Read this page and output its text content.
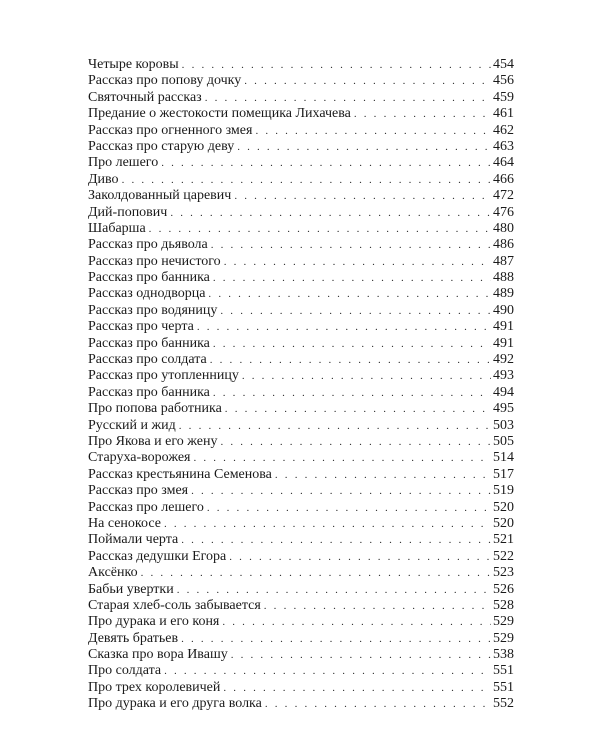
Четыре коровы . . .	454
Рассказ про попову дочку . . .	456
Святочный рассказ . . .	459
Предание о жестокости помещика Лихачева . . .	461
Рассказ про огненного змея . . .	462
Рассказ про старую деву . . .	463
Про лешего . . .	464
Диво . . .	466
Заколдованный царевич . . .	472
Дий-попович . . .	476
Шабарша . . .	480
Рассказ про дьявола . . .	486
Рассказ про нечистого . . .	487
Рассказ про банника . . .	488
Рассказ однодворца . . .	489
Рассказ про водяницу . . .	490
Рассказ про черта . . .	491
Рассказ про банника . . .	491
Рассказ про солдата . . .	492
Рассказ про утопленницу . . .	493
Рассказ про банника . . .	494
Про попова работника . . .	495
Русский и жид . . .	503
Про Якова и его жену . . .	505
Старуха-ворожея . . .	514
Рассказ крестьянина Семенова . . .	517
Рассказ про змея . . .	519
Рассказ про лешего . . .	520
На сенокосе . . .	520
Поймали черта . . .	521
Рассказ дедушки Егора . . .	522
Аксёнко . . .	523
Бабьи увертки . . .	526
Старая хлеб-соль забывается . . .	528
Про дурака и его коня . . .	529
Девять братьев . . .	529
Сказка про вора Ивашу . . .	538
Про солдата . . .	551
Про трех королевичей . . .	551
Про дурака и его друга волка . . .	552
